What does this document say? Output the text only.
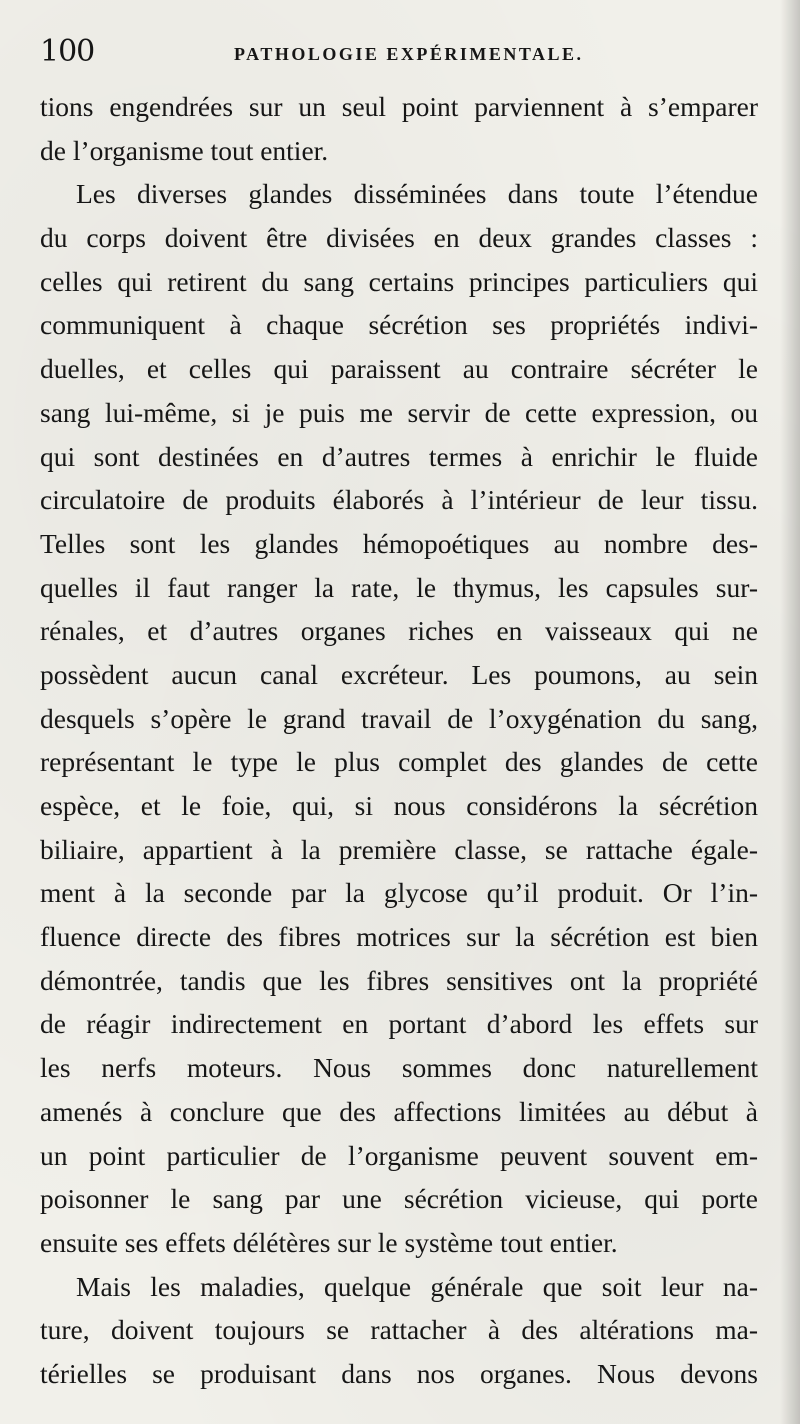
100	PATHOLOGIE EXPÉRIMENTALE.
tions engendrées sur un seul point parviennent à s’emparer
de l’organisme tout entier.
Les diverses glandes disséminées dans toute l’étendue
du corps doivent être divisées en deux grandes classes :
celles qui retirent du sang certains principes particuliers qui
communiquent à chaque sécrétion ses propriétés indivi-
duelles, et celles qui paraissent au contraire sécréter le
sang lui-même, si je puis me servir de cette expression, ou
qui sont destinées en d’autres termes à enrichir le fluide
circulatoire de produits élaborés à l’intérieur de leur tissu.
Telles sont les glandes hémopoétiques au nombre des-
quelles il faut ranger la rate, le thymus, les capsules sur-
rénales, et d’autres organes riches en vaisseaux qui ne
possèdent aucun canal excréteur. Les poumons, au sein
desquels s’opère le grand travail de l’oxygénation du sang,
représentant le type le plus complet des glandes de cette
espèce, et le foie, qui, si nous considérons la sécrétion
biliaire, appartient à la première classe, se rattache égale-
ment à la seconde par la glycose qu’il produit. Or l’in-
fluence directe des fibres motrices sur la sécrétion est bien
démontrée, tandis que les fibres sensitives ont la propriété
de réagir indirectement en portant d’abord les effets sur
les nerfs moteurs. Nous sommes donc naturellement
amenés à conclure que des affections limitées au début à
un point particulier de l’organisme peuvent souvent em-
poisonner le sang par une sécrétion vicieuse, qui porte
ensuite ses effets délétères sur le système tout entier.
Mais les maladies, quelque générale que soit leur na-
ture, doivent toujours se rattacher à des altérations ma-
térielles se produisant dans nos organes. Nous devons
